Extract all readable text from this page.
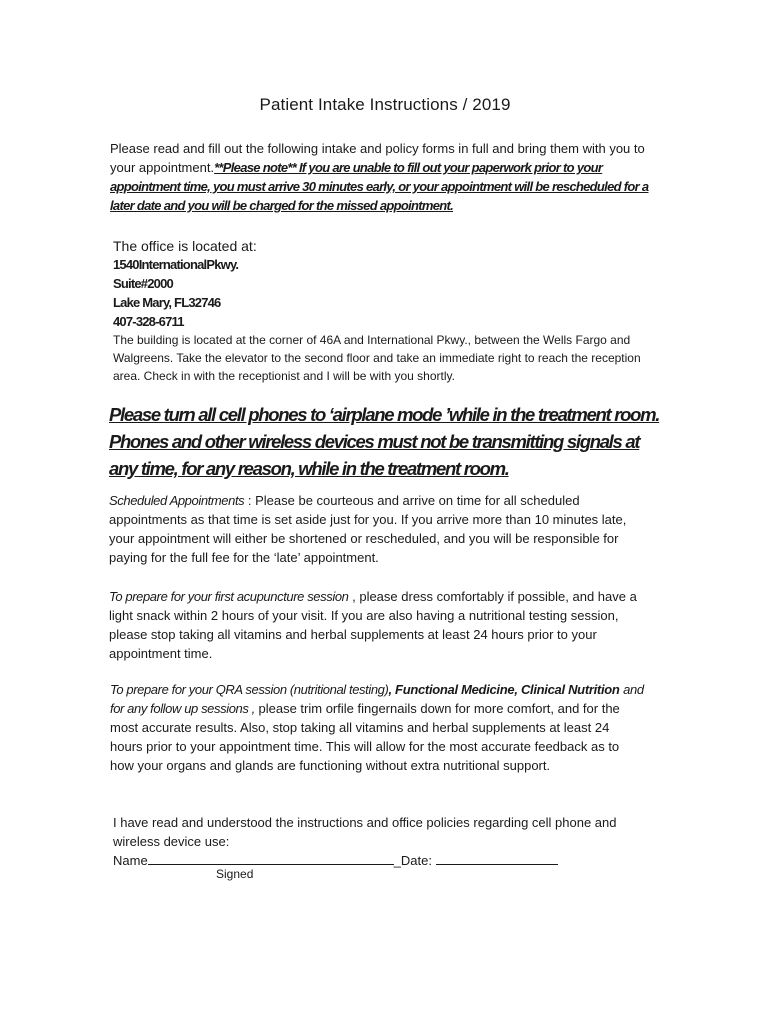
Patient Intake Instructions / 2019
Please read and fill out the following intake and policy forms in full and bring them with you to your appointment.**Please note** If you are unable to fill out your paperwork prior to your appointment time, you must arrive 30 minutes early, or your appointment will be rescheduled for a later date and you will be charged for the missed appointment.
The office is located at:
1540InternationalPkwy.
Suite#2000
Lake Mary, FL32746
407-328-6711
The building is located at the corner of 46A and International Pkwy., between the Wells Fargo and Walgreens. Take the elevator to the second floor and take an immediate right to reach the reception area. Check in with the receptionist and I will be with you shortly.
Please turn all cell phones to ‘airplane mode ’while in the treatment room. Phones and other wireless devices must not be transmitting signals at any time, for any reason, while in the treatment room.
Scheduled Appointments : Please be courteous and arrive on time for all scheduled appointments as that time is set aside just for you. If you arrive more than 10 minutes late, your appointment will either be shortened or rescheduled, and you will be responsible for paying for the full fee for the ‘late’ appointment.
To prepare for your first acupuncture session , please dress comfortably if possible, and have a light snack within 2 hours of your visit. If you are also having a nutritional testing session, please stop taking all vitamins and herbal supplements at least 24 hours prior to your appointment time.
To prepare for your QRA session (nutritional testing), Functional Medicine, Clinical Nutrition and for any follow up sessions , please trim orfile fingernails down for more comfort, and for the most accurate results. Also, stop taking all vitamins and herbal supplements at least 24 hours prior to your appointment time. This will allow for the most accurate feedback as to how your organs and glands are functioning without extra nutritional support.
I have read and understood the instructions and office policies regarding cell phone and wireless device use:
Name	_Date:
Signed
